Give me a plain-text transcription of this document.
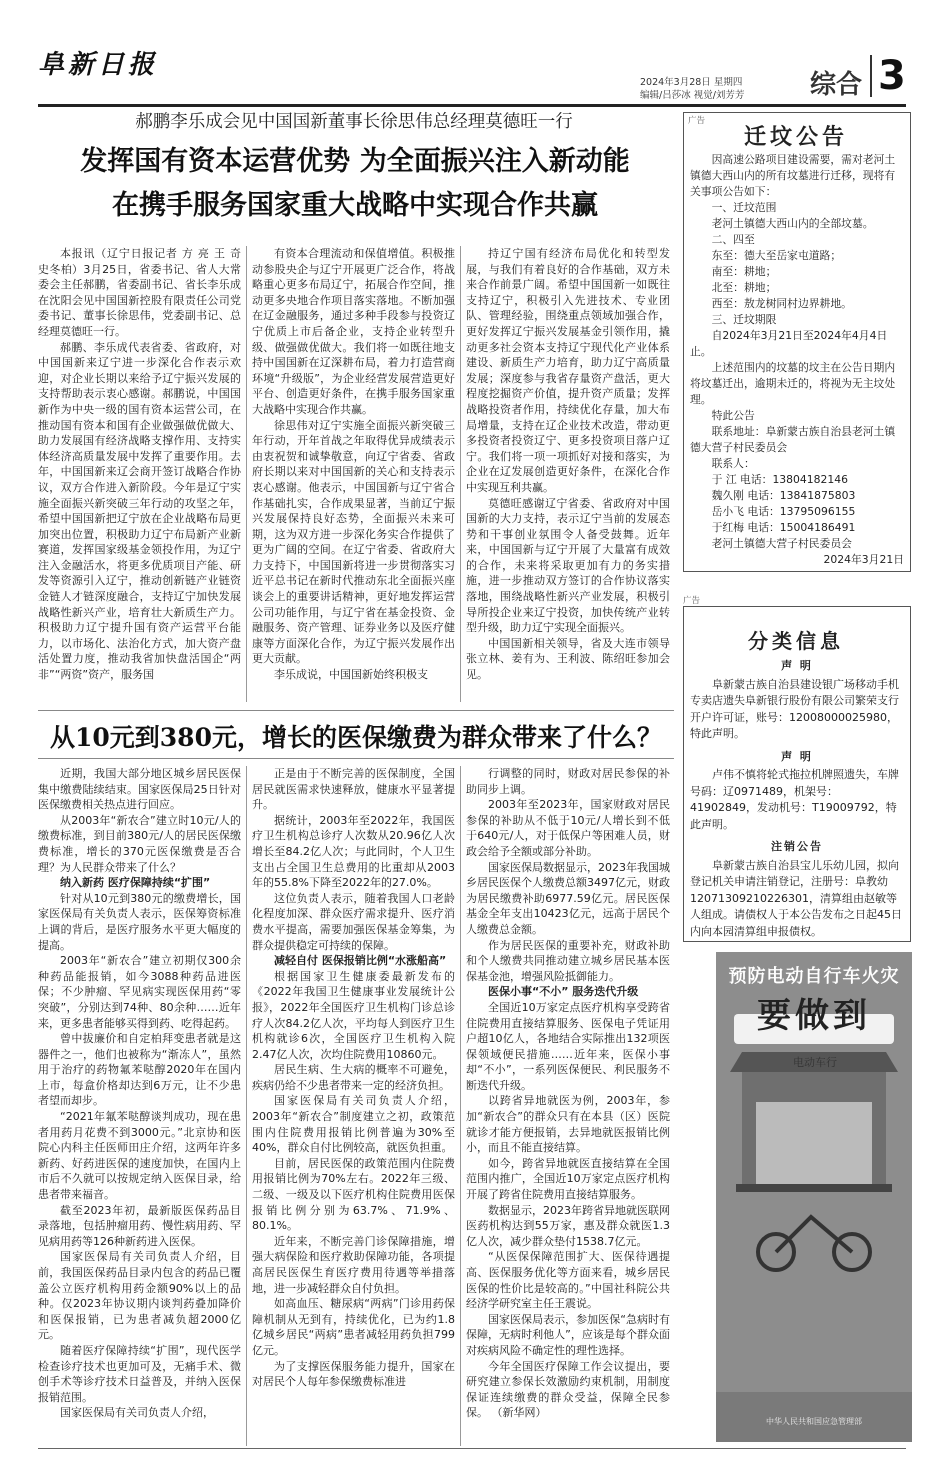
阜新日报
2024年3月28日 星期四
编辑/吕莎冰 视觉/刘芳芳	综合 3
郝鹏李乐成会见中国国新董事长徐思伟总经理莫德旺一行
发挥国有资本运营优势 为全面振兴注入新动能
在携手服务国家重大战略中实现合作共赢

本报讯（辽宁日报记者 方 亮 王 奇 史冬柏）3月25日，省委书记、省人大常委会主任郝鹏，省委副书记、省长李乐成在沈阳会见中国国新控股有限责任公司党委书记、董事长徐思伟，党委副书记、总经理莫德旺一行。

郝鹏、李乐成代表省委、省政府，对中国国新来辽宁进一步深化合作表示欢迎，对企业长期以来给予辽宁振兴发展的支持帮助表示衷心感谢。郝鹏说，中国国新作为中央一级的国有资本运营公司，在推动国有资本和国有企业做强做优做大、助力发展国有经济战略支撑作用、支持实体经济高质量发展中发挥了重要作用。去年，中国国新来辽会商开签订战略合作协议，双方合作进入新阶段。今年是辽宁实施全面振兴新突破三年行动的攻坚之年，希望中国国新把辽宁放在企业战略布局更加突出位置，积极助力辽宁布局新产业新赛道，发挥国家级基金领投作用，为辽宁注入金融活水，将更多优质项目产能、研发等资源引入辽宁，推动创新链产业链资金链人才链深度融合，支持辽宁加快发展战略性新兴产业，培育壮大新质生产力。积极助力辽宁提升国有资产运营平台能力，以市场化、法治化方式，加大资产盘活处置力度，推动我省加快盘活国企“两非”“两资”资产，服务国

有资本合理流动和保值增值。积极推动参股央企与辽宁开展更广泛合作，将战略重心更多布局辽宁，拓展合作空间，推动更多央地合作项目落实落地。不断加强在辽金融服务，通过多种手段参与投资辽宁优质上市后备企业，支持企业转型升级、做强做优做大。我们将一如既往地支持中国国新在辽深耕布局，着力打造营商环境“升级版”，为企业经营发展营造更好平台、创造更好条件，在携手服务国家重大战略中实现合作共赢。

徐思伟对辽宁实施全面振兴新突破三年行动，开年首战之年取得优异成绩表示由衷祝贺和诚挚敬意，向辽宁省委、省政府长期以来对中国国新的关心和支持表示衷心感谢。他表示，中国国新与辽宁省合作基础扎实，合作成果显著，当前辽宁振兴发展保持良好态势，全面振兴未来可期，这为双方进一步深化务实合作提供了更为广阔的空间。在辽宁省委、省政府大力支持下，中国国新将进一步贯彻落实习近平总书记在新时代推动东北全面振兴座谈会上的重要讲话精神，更好地发挥运营公司功能作用，与辽宁省在基金投资、金融服务、资产管理、证券业务以及医疗健康等方面深化合作，为辽宁振兴发展作出更大贡献。

李乐成说，中国国新始终积极支

持辽宁国有经济布局优化和转型发展，与我们有着良好的合作基础，双方未来合作前景广阔。希望中国国新一如既往支持辽宁，积极引入先进技术、专业团队、管理经验，围绕重点领域加强合作，更好发挥辽宁振兴发展基金引领作用，撬动更多社会资本支持辽宁现代化产业体系建设、新质生产力培育，助力辽宁高质量发展；深度参与我省存量资产盘活，更大程度挖掘资产价值，提升资产质量；发挥战略投资者作用，持续优化存量，加大布局增量，支持在辽企业技术改造，带动更多投资者投资辽宁、更多投资项目落户辽宁。我们将一项一项抓好对接和落实，为企业在辽发展创造更好条件，在深化合作中实现互利共赢。

莫德旺感谢辽宁省委、省政府对中国国新的大力支持，表示辽宁当前的发展态势和干事创业氛围令人备受鼓舞。近年来，中国国新与辽宁开展了大量富有成效的合作，未来将采取更加有力的务实措施，进一步推动双方签订的合作协议落实落地，围绕战略性新兴产业发展，积极引导所投企业来辽宁投资，加快传统产业转型升级，助力辽宁实现全面振兴。

中国国新相关领导，省及大连市领导张立林、姜有为、王利波、陈绍旺参加会见。

从10元到380元，增长的医保缴费为群众带来了什么？

近期，我国大部分地区城乡居民医保集中缴费陆续结束。国家医保局25日针对医保缴费相关热点进行回应。

从2003年“新农合”建立时10元/人的缴费标准，到目前380元/人的居民医保缴费标准，增长的370元医保缴费是否合理？为人民群众带来了什么？

纳入新药 医疗保障持续“扩围”

针对从10元到380元的缴费增长，国家医保局有关负责人表示，医保筹资标准上调的背后，是医疗服务水平更大幅度的提高。

2003年“新农合”建立初期仅300余种药品能报销，如今3088种药品进医保；不少肿瘤、罕见病实现医保用药“零突破”，分别达到74种、80余种……近年来，更多患者能够买得到药、吃得起药。

曾中拔廉价和自定柏拜变患者就是这器件之一，他们也被称为“渐冻人”，虽然用于治疗的药物氟苯哒醇2020年在国内上市，每盒价格却达到6万元，让不少患者望而却步。

“2021年氟苯哒醇谈判成功，现在患者用药月花费不到3000元。”北京协和医院心内科主任医师田庄介绍，这两年许多新药、好药进医保的速度加快，在国内上市后不久就可以按规定纳入医保目录，给患者带来福音。

截至2023年初，最新版医保药品目录落地，包括肿瘤用药、慢性病用药、罕见病用药等126种新药进入医保。

国家医保局有关司负责人介绍，目前，我国医保药品目录内包含的药品已覆盖公立医疗机构用药金额90%以上的品种。仅2023年协议期内谈判药叠加降价和医保报销，已为患者减负超2000亿元。

随着医疗保障持续“扩围”，现代医学检查诊疗技术也更加可及，无痛手术、微创手术等诊疗技术日益普及，并纳入医保报销范围。

国家医保局有关司负责人介绍，

正是由于不断完善的医保制度，全国居民就医需求快速释放，健康水平显著提升。

据统计，2003年至2022年，我国医疗卫生机构总诊疗人次数从20.96亿人次增长至84.2亿人次；与此同时，个人卫生支出占全国卫生总费用的比重却从2003年的55.8%下降至2022年的27.0%。

这位负责人表示，随着我国人口老龄化程度加深、群众医疗需求提升、医疗消费水平提高，需要加强医保基金筹集，为群众提供稳定可持续的保障。

减轻自付 医保报销比例“水涨船高”

根据国家卫生健康委最新发布的《2022年我国卫生健康事业发展统计公报》，2022年全国医疗卫生机构门诊总诊疗人次84.2亿人次，平均每人到医疗卫生机构就诊6次，全国医疗卫生机构入院2.47亿人次，次均住院费用10860元。

居民生病、生大病的概率不可避免，疾病仍给不少患者带来一定的经济负担。

国家医保局有关司负责人介绍，2003年“新农合”制度建立之初，政策范围内住院费用报销比例普遍为30%至40%，群众自付比例较高，就医负担重。

目前，居民医保的政策范围内住院费用报销比例为70%左右。2022年三级、二级、一级及以下医疗机构住院费用医保报销比例分别为63.7%、71.9%、80.1%。

近年来，不断完善门诊保障措施，增强大病保险和医疗救助保障功能，各项提高居民医保生育医疗费用待遇等举措落地，进一步减轻群众自付负担。

如高血压、糖尿病“两病”门诊用药保障机制从无到有，持续优化，已为约1.8亿城乡居民“两病”患者减轻用药负担799亿元。

为了支撑医保服务能力提升，国家在对居民个人每年参保缴费标准进

行调整的同时，财政对居民参保的补助同步上调。

2003年至2023年，国家财政对居民参保的补助从不低于10元/人增长到不低于640元/人，对于低保户等困难人员，财政会给予全额或部分补助。

国家医保局数据显示，2023年我国城乡居民医保个人缴费总额3497亿元，财政为居民缴费补助6977.59亿元。居民医保基金全年支出10423亿元，远高于居民个人缴费总金额。

作为居民医保的重要补充，财政补助和个人缴费共同推动建立城乡居民基本医保基金池，增强风险抵御能力。

医保小事“不小” 服务迭代升级

全国近10万家定点医疗机构享受跨省住院费用直接结算服务、医保电子凭证用户超10亿人，各地结合实际推出132项医保领域便民措施……近年来，医保小事却“不小”，一系列医保便民、利民服务不断迭代升级。

以跨省异地就医为例，2003年，参加“新农合”的群众只有在本县（区）医院就诊才能方便报销，去异地就医报销比例小，而且不能直接结算。

如今，跨省异地就医直接结算在全国范围内推广，全国近10万家定点医疗机构开展了跨省住院费用直接结算服务。

数据显示，2023年跨省异地就医联网医药机构达到55万家，惠及群众就医1.3亿人次，减少群众垫付1538.7亿元。

“从医保保障范围扩大、医保待遇提高、医保服务优化等方面来看，城乡居民医保的性价比是较高的。”中国社科院公共经济学研究室主任王震说。

国家医保局表示，参加医保“急病时有保障，无病时利他人”，应该是每个群众面对疾病风险不确定性的理性选择。

今年全国医疗保障工作会议提出，要研究建立参保长效激励约束机制，用制度保证连续缴费的群众受益，保障全民参保。 （新华网）

广告
迁坟公告

因高速公路项目建设需要，需对老河土镇德大西山内的所有坟墓进行迁移，现将有关事项公告如下：

一、迁坟范围

老河土镇德大西山内的全部坟墓。

二、四至

东至：德大至岳家屯道路；

南至：耕地；

北至：耕地；

西至：敖龙树同村边界耕地。

三、迁坟期限

自2024年3月21日至2024年4月4日止。

上述范围内的坟墓的坟主在公告日期内将坟墓迁出，逾期未迁的，将视为无主坟处理。

特此公告

联系地址：阜新蒙古族自治县老河土镇德大营子村民委员会

联系人：

于 江 电话：13804182146

魏久刚 电话：13841875803

岳小飞 电话：13795096155

于红梅 电话：15004186491

老河土镇德大营子村民委员会

2024年3月21日

广告
分类信息

声 明

阜新蒙古族自治县建设银广场移动手机专卖店遗失阜新银行股份有限公司繁荣支行开户许可证，账号：12008000025980，特此声明。

声 明

卢伟不慎将轮式拖拉机牌照遗失，车牌号码：辽0971489，机架号：41902849，发动机号：T19009792，特此声明。

注销公告

阜新蒙古族自治县宝儿乐幼儿园，拟向登记机关申请注销登记，注册号：阜教幼12071309210226301，清算组由赵敏等人组成。请债权人于本公告发布之日起45日内向本园清算组申报债权。

预防电动自行车火灾
要做到
电动车行
中华人民共和国应急管理部
